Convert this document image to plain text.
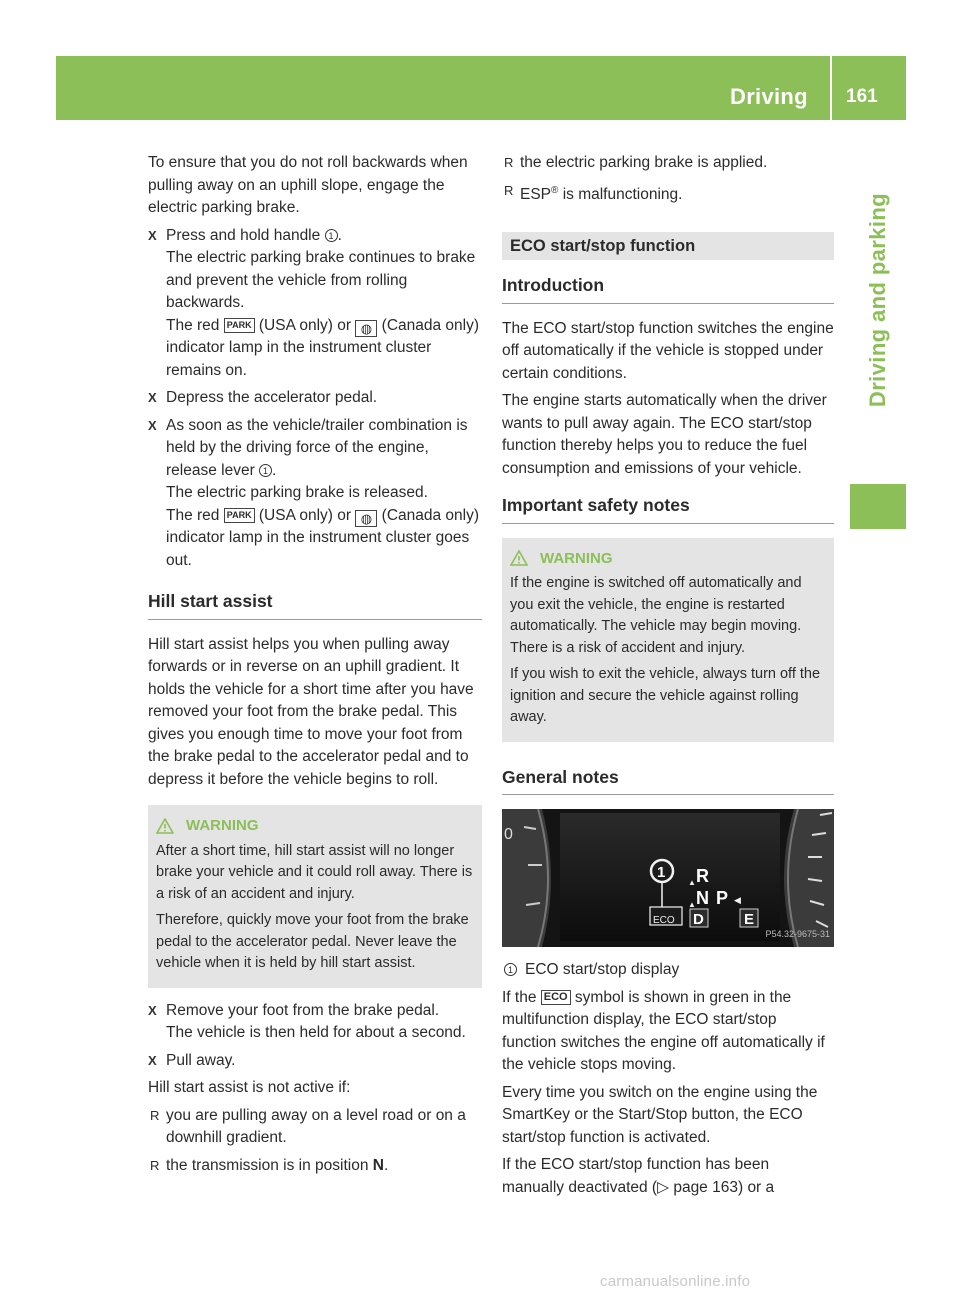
Driving 161
Driving and parking

To ensure that you do not roll backwards when pulling away on an uphill slope, engage the electric parking brake.

X Press and hold handle 1 .
The electric parking brake continues to brake and prevent the vehicle from rolling backwards.
The red PARK (USA only) or ◍ (Canada only) indicator lamp in the instrument cluster remains on.
X Depress the accelerator pedal.
X As soon as the vehicle/trailer combination is held by the driving force of the engine, release lever 1 .
The electric parking brake is released.
The red PARK (USA only) or ◍ (Canada only) indicator lamp in the instrument cluster goes out.
Hill start assist

Hill start assist helps you when pulling away forwards or in reverse on an uphill gradient. It holds the vehicle for a short time after you have removed your foot from the brake pedal. This gives you enough time to move your foot from the brake pedal to the accelerator pedal and to depress it before the vehicle begins to roll.

WARNING

After a short time, hill start assist will no longer brake your vehicle and it could roll away. There is a risk of an accident and injury.

Therefore, quickly move your foot from the brake pedal to the accelerator pedal. Never leave the vehicle when it is held by hill start assist.

X Remove your foot from the brake pedal.
The vehicle is then held for about a second.
X Pull away.

Hill start assist is not active if:

R you are pulling away on a level road or on a downhill gradient.
R the transmission is in position N.
R the electric parking brake is applied.
R ESP® is malfunctioning.
ECO start/stop function
Introduction

The ECO start/stop function switches the engine off automatically if the vehicle is stopped under certain conditions.

The engine starts automatically when the driver wants to pull away again. The ECO start/stop function thereby helps you to reduce the fuel consumption and emissions of your vehicle.

Important safety notes
WARNING

If the engine is switched off automatically and you exit the vehicle, the engine is restarted automatically. The vehicle may begin moving. There is a risk of accident and injury.

If you wish to exit the vehicle, always turn off the ignition and secure the vehicle against rolling away.

General notes
0
▲
▲	◀
1 R
N P
D	E
ECO
P54.32-9675-31

1 ECO start/stop display

If the ECO symbol is shown in green in the multifunction display, the ECO start/stop function switches the engine off automatically if the vehicle stops moving.

Every time you switch on the engine using the SmartKey or the Start/Stop button, the ECO start/stop function is activated.

If the ECO start/stop function has been manually deactivated (▷ page 163) or a

carmanualsonline.info
